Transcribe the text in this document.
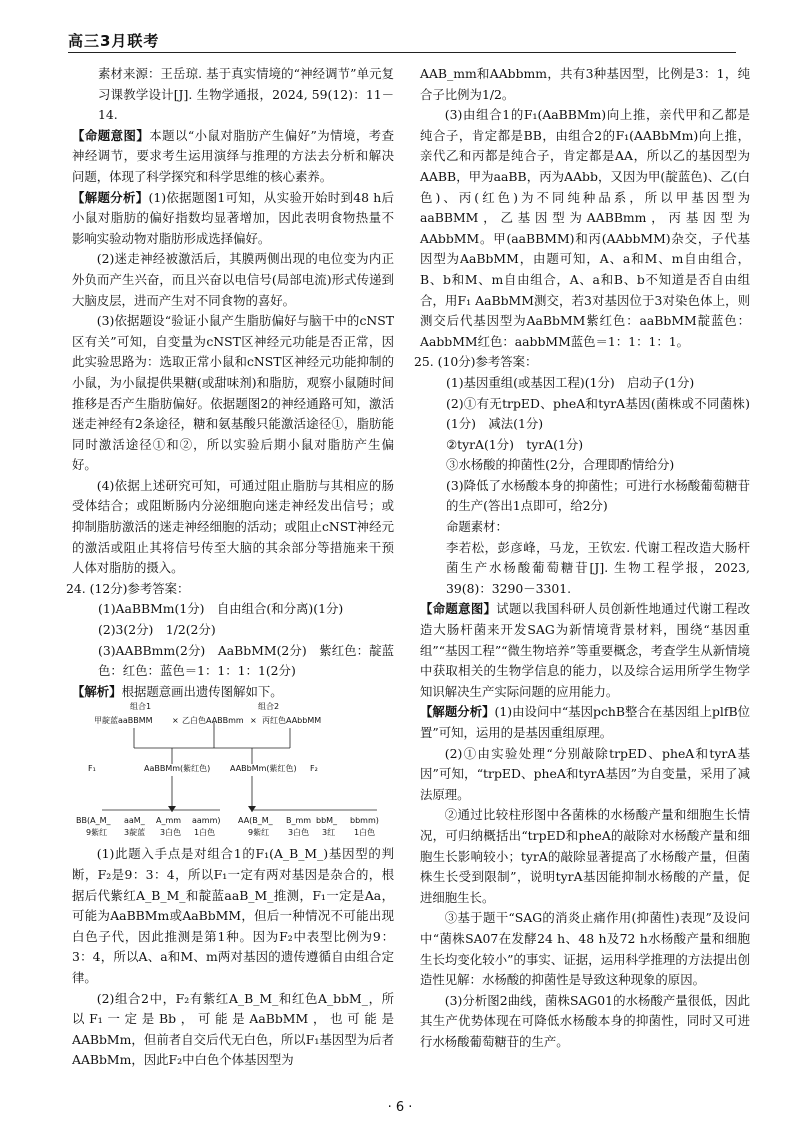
高三3月联考

素材来源：王岳琼. 基于真实情境的“神经调节”单元复习课教学设计[J]. 生物学通报，2024, 59(12)：11－14.

【命题意图】本题以“小鼠对脂肪产生偏好”为情境，考查神经调节，要求考生运用演绎与推理的方法去分析和解决问题，体现了科学探究和科学思维的核心素养。

【解题分析】(1)依据题图1可知，从实验开始时到48 h后小鼠对脂肪的偏好指数均显著增加，因此表明食物热量不影响实验动物对脂肪形成选择偏好。

(2)迷走神经被激活后，其膜两侧出现的电位变为内正外负而产生兴奋，而且兴奋以电信号(局部电流)形式传递到大脑皮层，进而产生对不同食物的喜好。

(3)依据题设“验证小鼠产生脂肪偏好与脑干中的cNST区有关”可知，自变量为cNST区神经元功能是否正常，因此实验思路为：选取正常小鼠和cNST区神经元功能抑制的小鼠，为小鼠提供果糖(或甜味剂)和脂肪，观察小鼠随时间推移是否产生脂肪偏好。依据题图2的神经通路可知，激活迷走神经有2条途径，糖和氨基酸只能激活途径①，脂肪能同时激活途径①和②，所以实验后期小鼠对脂肪产生偏好。

(4)依据上述研究可知，可通过阻止脂肪与其相应的肠受体结合；或阻断肠内分泌细胞向迷走神经发出信号；或抑制脂肪激活的迷走神经细胞的活动；或阻止cNST神经元的激活或阻止其将信号传至大脑的其余部分等措施来干预人体对脂肪的摄入。

24. (12分)参考答案：

(1)AaBBMm(1分)　自由组合(和分离)(1分)

(2)3(2分)　1/2(2分)

(3)AABBmm(2分)　AaBbMM(2分)　紫红色：靛蓝色：红色：蓝色＝1：1：1：1(2分)

【解析】根据题意画出遗传图解如下。

组合1	组合2
甲靛蓝aaBBMM × 乙白色AABBmm × 丙红色AAbbMM
F₁	AaBBMm(紫红色) AABbMm(紫红色) F₂
BB(A_M_ aaM_ A_mm aamm) AA(B_M_ B_mm bbM_ bbmm)
9紫红 3靛蓝 3白色 1白色	9紫红 3白色 3红 1白色

(1)此题入手点是对组合1的F₁(A_B_M_)基因型的判断，F₂是9：3：4，所以F₁一定有两对基因是杂合的，根据后代紫红A_B_M_和靛蓝aaB_M_推测，F₁一定是Aa，可能为AaBBMm或AaBbMM，但后一种情况不可能出现白色子代，因此推测是第1种。因为F₂中表型比例为9：3：4，所以A、a和M、m两对基因的遗传遵循自由组合定律。

(2)组合2中，F₂有紫红A_B_M_和红色A_bbM_，所以F₁一定是Bb，可能是AaBbMM，也可能是AABbMm，但前者自交后代无白色，所以F₁基因型为后者AABbMm，因此F₂中白色个体基因型为

AAB_mm和AAbbmm，共有3种基因型，比例是3：1，纯合子比例为1/2。

(3)由组合1的F₁(AaBBMm)向上推，亲代甲和乙都是纯合子，肯定都是BB，由组合2的F₁(AABbMm)向上推，亲代乙和丙都是纯合子，肯定都是AA，所以乙的基因型为AABB，甲为aaBB，丙为AAbb，又因为甲(靛蓝色)、乙(白色)、丙(红色)为不同纯种品系，所以甲基因型为aaBBMM，乙基因型为AABBmm，丙基因型为AAbbMM。甲(aaBBMM)和丙(AAbbMM)杂交，子代基因型为AaBbMM，由题可知，A、a和M、m自由组合，B、b和M、m自由组合，A、a和B、b不知道是否自由组合，用F₁ AaBbMM测交，若3对基因位于3对染色体上，则测交后代基因型为AaBbMM紫红色：aaBbMM靛蓝色：AabbMM红色：aabbMM蓝色＝1：1：1：1。

25. (10分)参考答案：

(1)基因重组(或基因工程)(1分)　启动子(1分)

(2)①有无trpED、pheA和tyrA基因(菌株或不同菌株)(1分)　减法(1分)

②tyrA(1分)　tyrA(1分)

③水杨酸的抑菌性(2分，合理即酌情给分)

(3)降低了水杨酸本身的抑菌性；可进行水杨酸葡萄糖苷的生产(答出1点即可，给2分)

命题素材：

李若松，彭彦峰，马龙，王钦宏. 代谢工程改造大肠杆菌生产水杨酸葡萄糖苷[J]. 生物工程学报，2023, 39(8)：3290－3301.

【命题意图】试题以我国科研人员创新性地通过代谢工程改造大肠杆菌来开发SAG为新情境背景材料，围绕“基因重组”“基因工程”“微生物培养”等重要概念，考查学生从新情境中获取相关的生物学信息的能力，以及综合运用所学生物学知识解决生产实际问题的应用能力。

【解题分析】(1)由设问中“基因pchB整合在基因组上plfB位置”可知，运用的是基因重组原理。

(2)①由实验处理“分别敲除trpED、pheA和tyrA基因”可知，“trpED、pheA和tyrA基因”为自变量，采用了减法原理。

②通过比较柱形图中各菌株的水杨酸产量和细胞生长情况，可归纳概括出“trpED和pheA的敲除对水杨酸产量和细胞生长影响较小；tyrA的敲除显著提高了水杨酸产量，但菌株生长受到限制”，说明tyrA基因能抑制水杨酸的产量，促进细胞生长。

③基于题干“SAG的消炎止痛作用(抑菌性)表现”及设问中“菌株SA07在发酵24 h、48 h及72 h水杨酸产量和细胞生长均变化较小”的事实、证据，运用科学推理的方法提出创造性见解：水杨酸的抑菌性是导致这种现象的原因。

(3)分析图2曲线，菌株SAG01的水杨酸产量很低，因此其生产优势体现在可降低水杨酸本身的抑菌性，同时又可进行水杨酸葡萄糖苷的生产。

· 6 ·
